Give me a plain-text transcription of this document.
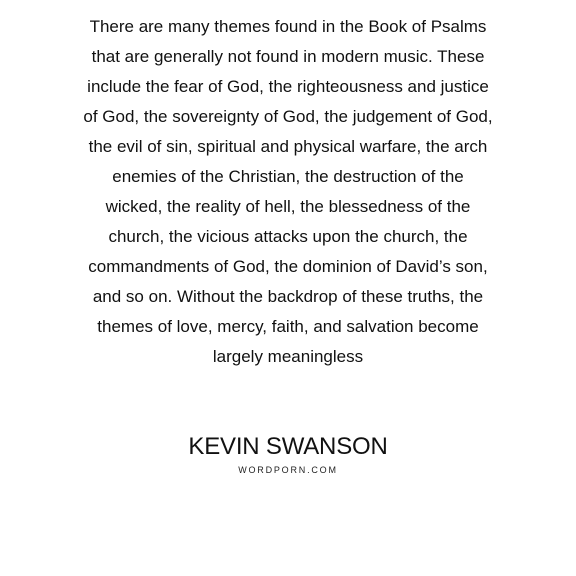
There are many themes found in the Book of Psalms
that are generally not found in modern music. These
include the fear of God, the righteousness and justice
of God, the sovereignty of God, the judgement of God,
the evil of sin, spiritual and physical warfare, the arch
enemies of the Christian, the destruction of the
wicked, the reality of hell, the blessedness of the
church, the vicious attacks upon the church, the
commandments of God, the dominion of David’s son,
and so on. Without the backdrop of these truths, the
themes of love, mercy, faith, and salvation become
largely meaningless

KEVIN SWANSON
WORDPORN.COM
